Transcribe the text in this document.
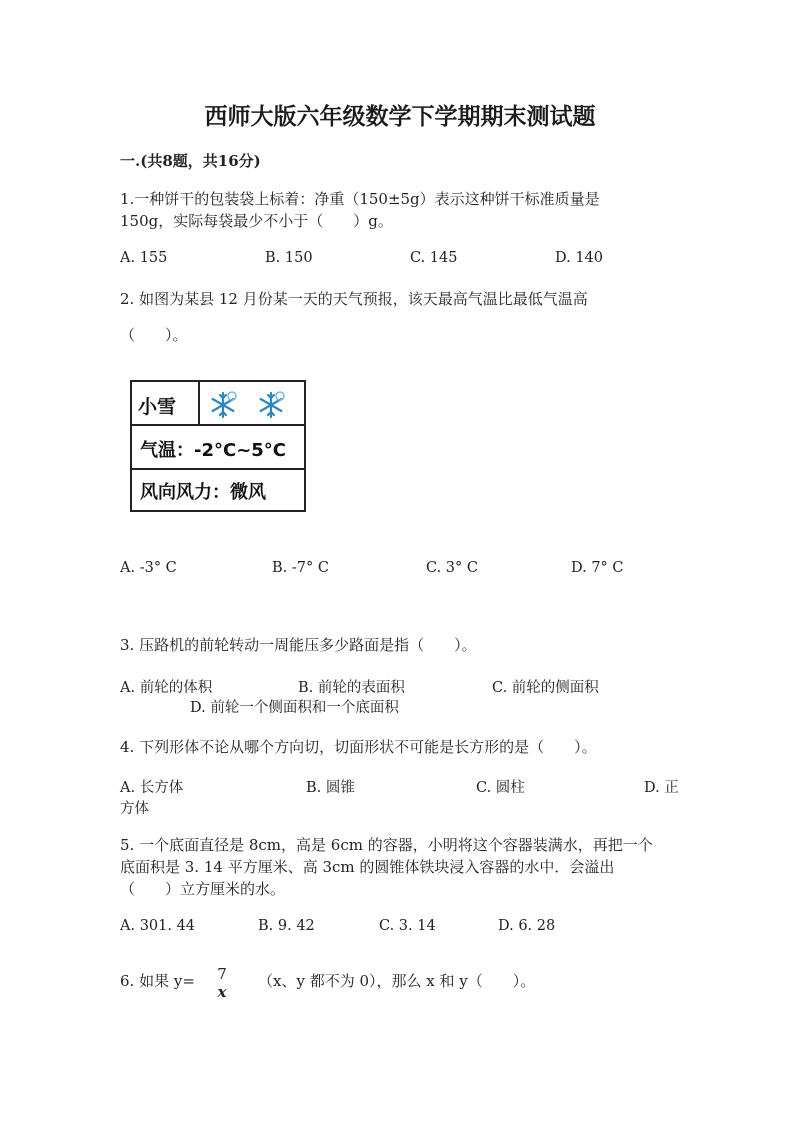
西师大版六年级数学下学期期末测试题
一.(共8题，共16分)
1.一种饼干的包装袋上标着：净重（150±5g）表示这种饼干标准质量是
150g，实际每袋最少不小于（　　）g。
A. 155	B. 150	C. 145	D. 140
2. 如图为某县 12 月份某一天的天气预报，该天最高气温比最低气温高
（　　）。
小雪
气温：-2°C~5°C
风向风力：微风
A. -3° C	B. -7° C	C. 3° C	D. 7° C
3. 压路机的前轮转动一周能压多少路面是指（　　）。
A. 前轮的体积	B. 前轮的表面积	C. 前轮的侧面积
D. 前轮一个侧面积和一个底面积
4. 下列形体不论从哪个方向切，切面形状不可能是长方形的是（　　）。
A. 长方体	B. 圆锥	C. 圆柱	D. 正
方体
5. 一个底面直径是 8cm，高是 6cm 的容器，小明将这个容器装满水，再把一个
底面积是 3. 14 平方厘米、高 3cm 的圆锥体铁块浸入容器的水中．会溢出
（　　）立方厘米的水。
A. 301. 44	B. 9. 42	C. 3. 14	D. 6. 28
6. 如果 y=	7
x
（x、y 都不为 0），那么 x 和 y（　　）。
